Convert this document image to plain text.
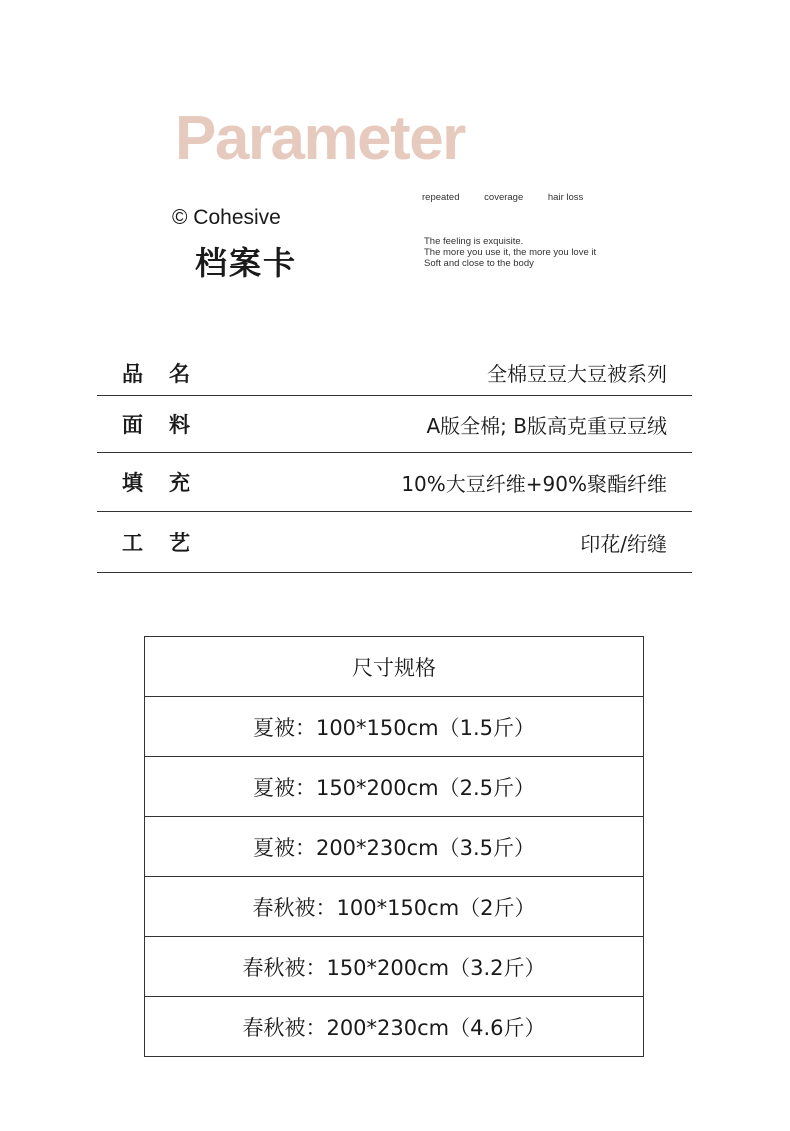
Parameter
© Cohesive
档案卡
repeated	coverage	hair loss
The feeling is exquisite.
The more you use it, the more you love it
Soft and close to the body
品名	全棉豆豆大豆被系列
面料	A版全棉; B版高克重豆豆绒
填充	10%大豆纤维+90%聚酯纤维
工艺	印花/绗缝
尺寸规格
夏被：100*150cm（1.5斤）
夏被：150*200cm（2.5斤）
夏被：200*230cm（3.5斤）
春秋被：100*150cm（2斤）
春秋被：150*200cm（3.2斤）
春秋被：200*230cm（4.6斤）
